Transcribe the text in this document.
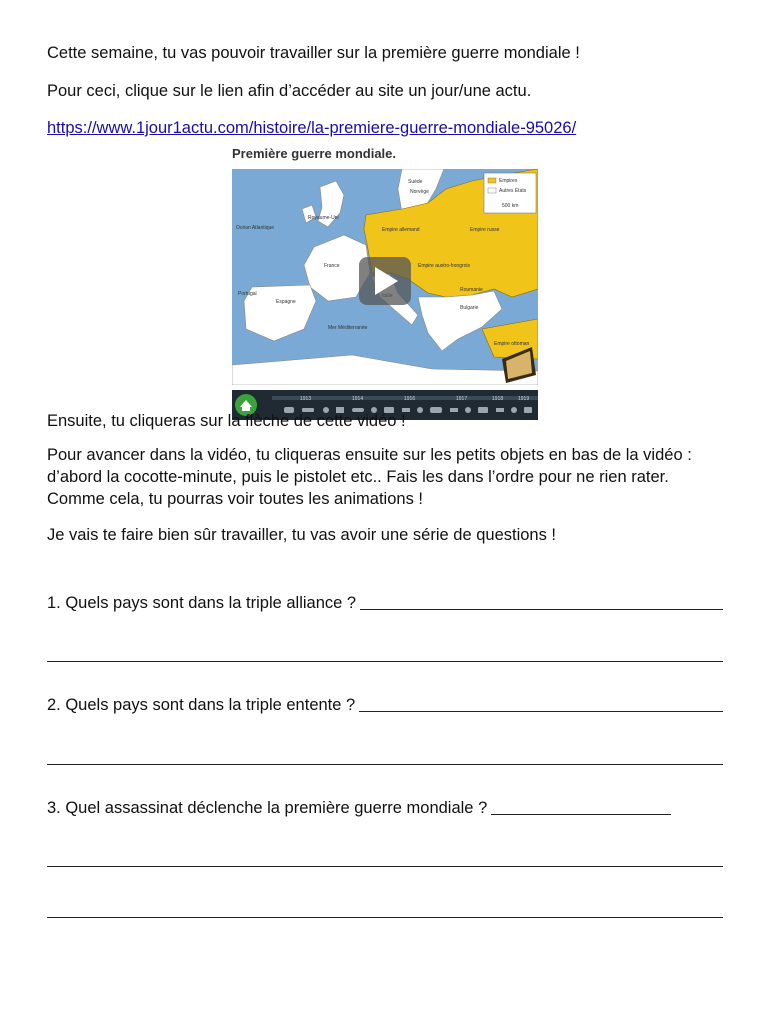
Cette semaine, tu vas pouvoir travailler sur la première guerre mondiale !

Pour ceci, clique sur le lien afin d’accéder au site un jour/une actu.

https://www.1jour1actu.com/histoire/la-premiere-guerre-mondiale-95026/

Première guerre mondiale.
Empires
Autres États
500 km
Royaume-Uni
Empire allemand	Empire russe
France	Empire austro-hongrois
Portugal
Espagne
Roumanie
Bulgarie
Empire ottoman
Suède
Norvège
Océan Atlantique
Mer Méditerranée
1913	1914	1916	1917	1918	1919

Ensuite, tu cliqueras sur la flèche de cette vidéo !

Pour avancer dans la vidéo, tu cliqueras ensuite sur les petits objets en bas de la vidéo : d’abord la cocotte-minute, puis le pistolet etc.. Fais les dans l’ordre pour ne rien rater. Comme cela, tu pourras voir toutes les animations !

Je vais te faire bien sûr travailler, tu vas avoir une série de questions !

1. Quels pays sont dans la triple alliance ?
2. Quels pays sont dans la triple entente ?
3. Quel assassinat déclenche la première guerre mondiale ?
